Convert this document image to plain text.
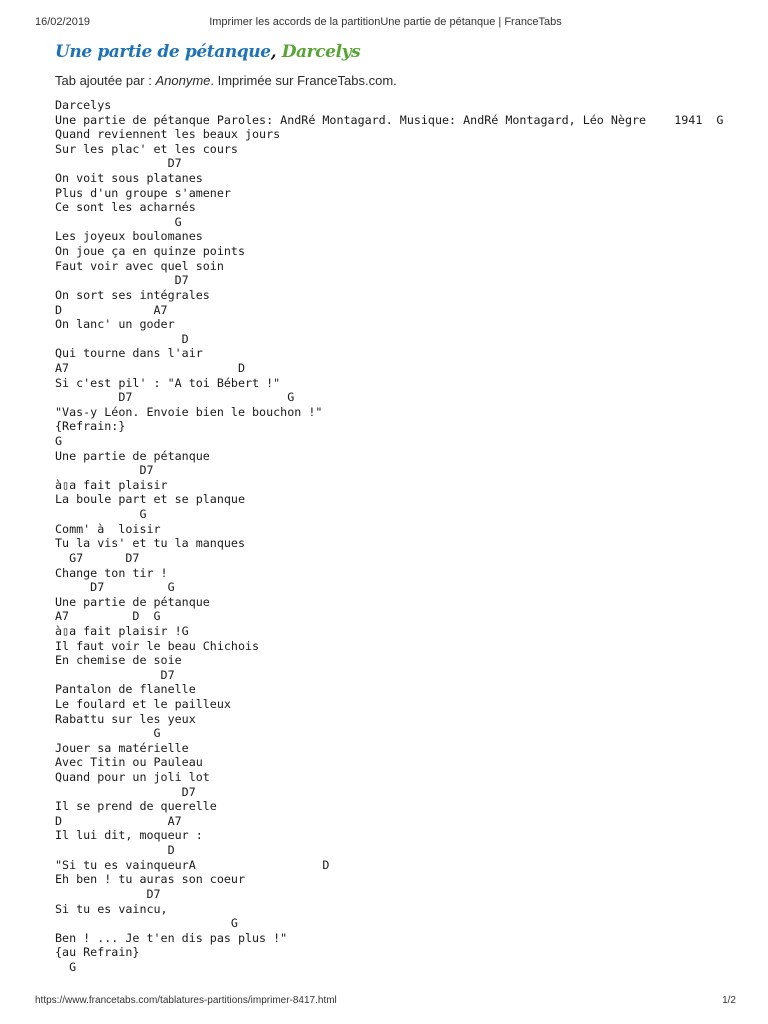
16/02/2019	Imprimer les accords de la partitionUne partie de pétanque | FranceTabs
Une partie de pétanque, Darcelys
Tab ajoutée par : Anonyme. Imprimée sur FranceTabs.com.
Darcelys
Une partie de pétanque Paroles: AndRé Montagard. Musique: AndRé Montagard, Léo Nègre    1941  G
Quand reviennent les beaux jours
Sur les plac' et les cours
D7
On voit sous platanes
Plus d'un groupe s'amener
Ce sont les acharnés
G
Les joyeux boulomanes
On joue ça en quinze points
Faut voir avec quel soin
D7
On sort ses intégrales
D             A7
On lanc' un goder
D
Qui tourne dans l'air
A7                        D
Si c'est pil' : "A toi Bébert !"
D7                      G
"Vas-y Léon. Envoie bien le bouchon !"
{Refrain:}
G
Une partie de pétanque
D7
à▯a fait plaisir
La boule part et se planque
G
Comm' à  loisir
Tu la vis' et tu la manques
G7      D7
Change ton tir !
D7         G
Une partie de pétanque
A7         D  G
à▯a fait plaisir !G
Il faut voir le beau Chichois
En chemise de soie
D7
Pantalon de flanelle
Le foulard et le pailleux
Rabattu sur les yeux
G
Jouer sa matérielle
Avec Titin ou Pauleau
Quand pour un joli lot
D7
Il se prend de querelle
D               A7
Il lui dit, moqueur :
D
"Si tu es vainqueurA                  D
Eh ben ! tu auras son coeur
D7
Si tu es vaincu,
G
Ben ! ... Je t'en dis pas plus !"
{au Refrain}
G
https://www.francetabs.com/tablatures-partitions/imprimer-8417.html	1/2
